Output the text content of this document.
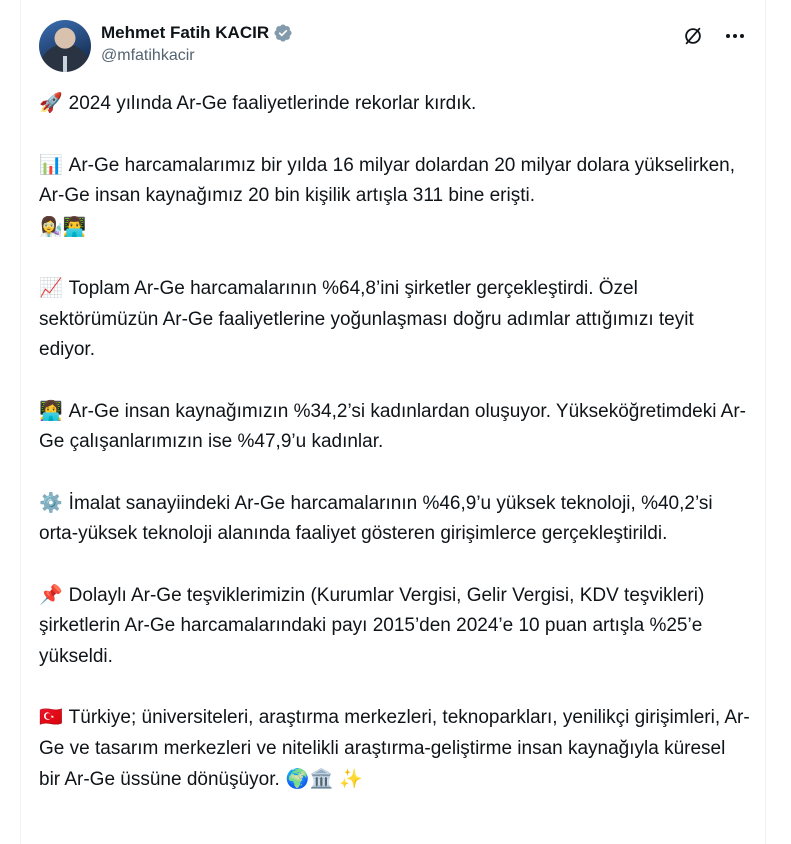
Mehmet Fatih KACIR
@mfatihkacir

🚀 2024 yılında Ar-Ge faaliyetlerinde rekorlar kırdık.

📊 Ar-Ge harcamalarımız bir yılda 16 milyar dolardan 20 milyar dolara yükselirken, Ar-Ge insan kaynağımız 20 bin kişilik artışla 311 bine erişti.
👩‍🔬👨‍💻

📈 Toplam Ar-Ge harcamalarının %64,8’ini şirketler gerçekleştirdi. Özel sektörümüzün Ar-Ge faaliyetlerine yoğunlaşması doğru adımlar attığımızı teyit ediyor.

👩‍💻 Ar-Ge insan kaynağımızın %34,2’si kadınlardan oluşuyor. Yükseköğretimdeki Ar-Ge çalışanlarımızın ise %47,9’u kadınlar.

⚙️ İmalat sanayiindeki Ar-Ge harcamalarının %46,9’u yüksek teknoloji, %40,2’si orta-yüksek teknoloji alanında faaliyet gösteren girişimlerce gerçekleştirildi.

📌 Dolaylı Ar-Ge teşviklerimizin (Kurumlar Vergisi, Gelir Vergisi, KDV teşvikleri) şirketlerin Ar-Ge harcamalarındaki payı 2015’den 2024’e 10 puan artışla %25’e yükseldi.

🇹🇷 Türkiye; üniversiteleri, araştırma merkezleri, teknoparkları, yenilikçi girişimleri, Ar-Ge ve tasarım merkezleri ve nitelikli araştırma-geliştirme insan kaynağıyla küresel bir Ar-Ge üssüne dönüşüyor. 🌍🏛️ ✨
